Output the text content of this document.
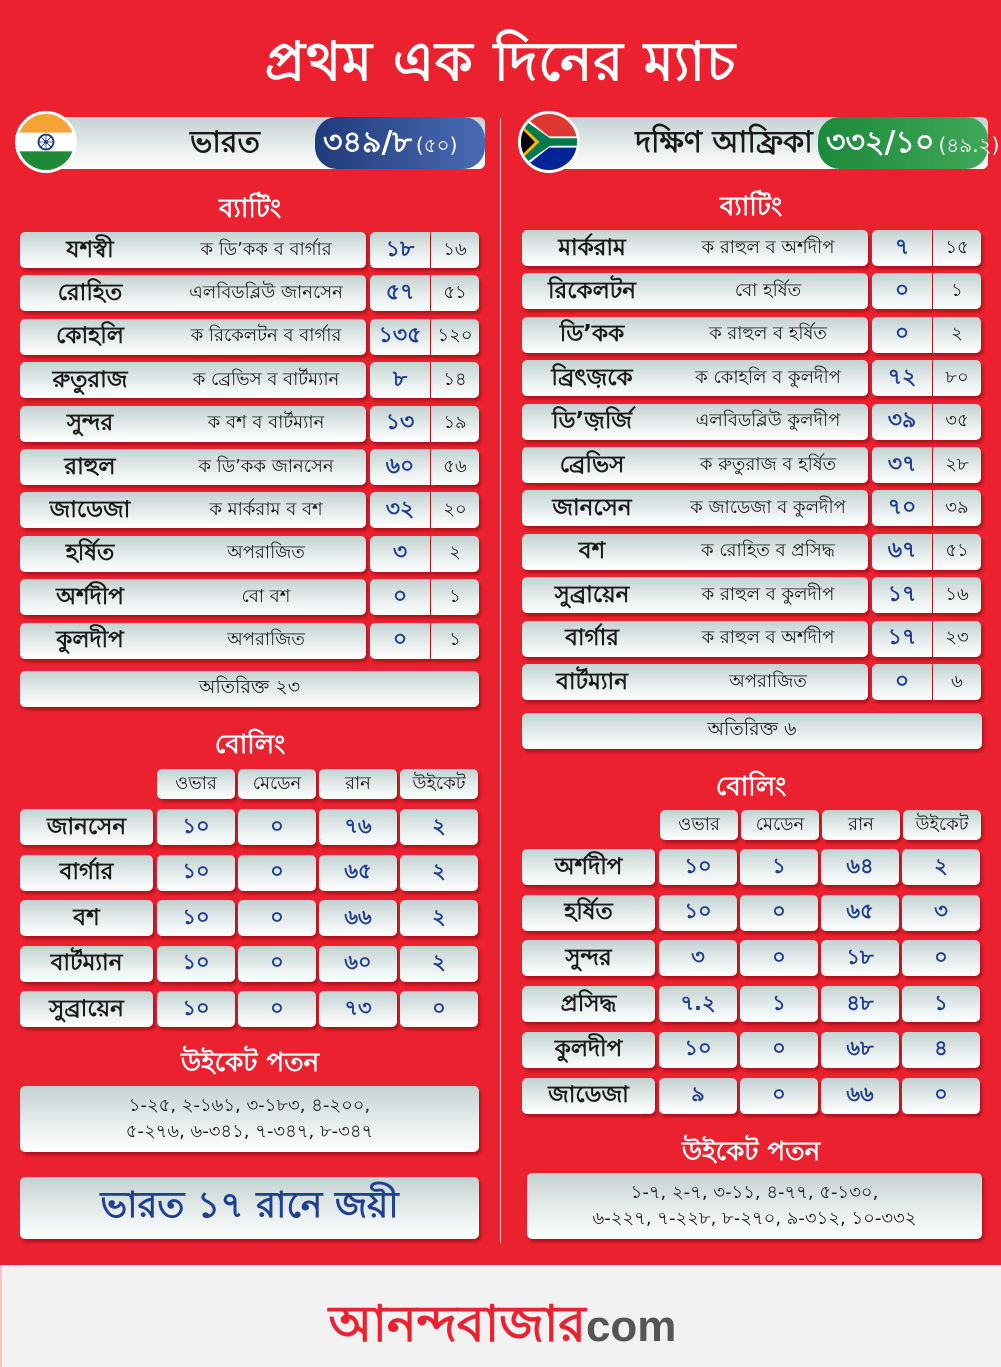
প্রথম এক দিনের ম্যাচ
ভারত	৩৪৯/৮ (৫০)
ব্যাটিং
যশস্বী	ক ডি’কক ব বার্গার	১৮	১৬
রোহিত	এলবিডব্লিউ জানসেন	৫৭	৫১
কোহলি	ক রিকেলটন ব বার্গার	১৩৫ ১২০
রুতুরাজ	ক ব্রেভিস ব বার্টম্যান	৮	১৪
সুন্দর	ক বশ ব বার্টম্যান	১৩	১৯
রাহুল	ক ডি’কক জানসেন	৬০	৫৬
জাডেজা	ক মার্করাম ব বশ	৩২	২০
হর্ষিত	অপরাজিত	৩	২
অর্শদীপ	বো বশ	০	১
কুলদীপ	অপরাজিত	০	১
অতিরিক্ত ২৩
বোলিং
ওভার	মেডেন	রান	উইকেট
জানসেন	১০	০	৭৬	২
বার্গার	১০	০	৬৫	২
বশ	১০	০	৬৬	২
বার্টম্যান	১০	০	৬০	২
সুব্রায়েন	১০	০	৭৩	০
উইকেট পতন
১-২৫, ২-১৬১, ৩-১৮৩, ৪-২০০,
৫-২৭৬, ৬-৩৪১, ৭-৩৪৭, ৮-৩৪৭
ভারত ১৭ রানে জয়ী
দক্ষিণ আফ্রিকা ৩৩২/১০ (৪৯.২)
ব্যাটিং
মার্করাম	ক রাহুল ব অর্শদীপ	৭	১৫
রিকেলটন	বো হর্ষিত	০	১
ডি’কক	ক রাহুল ব হর্ষিত	০	২
ব্রিৎজ়কে	ক কোহলি ব কুলদীপ	৭২	৮০
ডি’জ়র্জি	এলবিডব্লিউ কুলদীপ	৩৯	৩৫
ব্রেভিস	ক রুতুরাজ ব হর্ষিত	৩৭	২৮
জানসেন	ক জাডেজা ব কুলদীপ	৭০	৩৯
বশ	ক রোহিত ব প্রসিদ্ধ	৬৭	৫১
সুব্রায়েন	ক রাহুল ব কুলদীপ	১৭	১৬
বার্গার	ক রাহুল ব অর্শদীপ	১৭	২৩
বার্টম্যান	অপরাজিত	০	৬
অতিরিক্ত ৬
বোলিং
ওভার	মেডেন	রান	উইকেট
অর্শদীপ	১০	১	৬৪	২
হর্ষিত	১০	০	৬৫	৩
সুন্দর	৩	০	১৮	০
প্রসিদ্ধ	৭.২	১	৪৮	১
কুলদীপ	১০	০	৬৮	৪
জাডেজা	৯	০	৬৬	০
উইকেট পতন
১-৭, ২-৭, ৩-১১, ৪-৭৭, ৫-১৩০,
৬-২২৭, ৭-২২৮, ৮-২৭০, ৯-৩১২, ১০-৩৩২
আনন্দবাজারcom
